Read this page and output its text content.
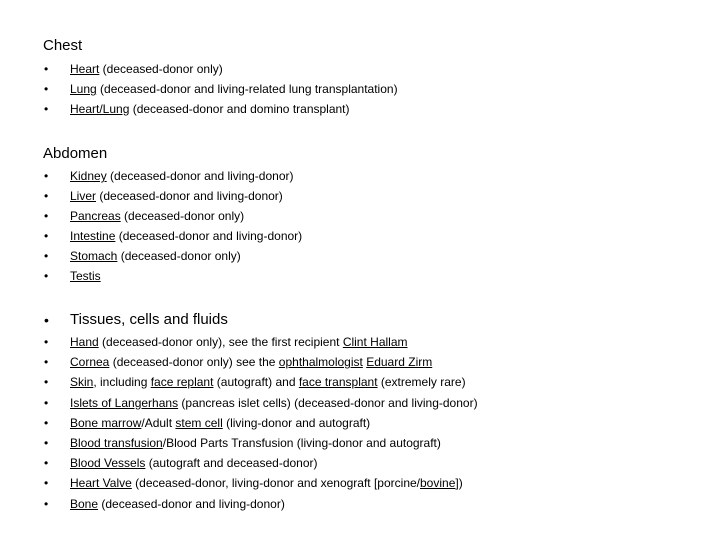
Chest
• Heart (deceased-donor only)
• Lung (deceased-donor and living-related lung transplantation)
• Heart/Lung (deceased-donor and domino transplant)
Abdomen
• Kidney (deceased-donor and living-donor)
• Liver (deceased-donor and living-donor)
• Pancreas (deceased-donor only)
• Intestine (deceased-donor and living-donor)
• Stomach (deceased-donor only)
• Testis
• Tissues, cells and fluids
• Hand (deceased-donor only), see the first recipient Clint Hallam
• Cornea (deceased-donor only) see the ophthalmologist Eduard Zirm
• Skin, including face replant (autograft) and face transplant (extremely rare)
• Islets of Langerhans (pancreas islet cells) (deceased-donor and living-donor)
• Bone marrow/Adult stem cell (living-donor and autograft)
• Blood transfusion/Blood Parts Transfusion (living-donor and autograft)
• Blood Vessels (autograft and deceased-donor)
• Heart Valve (deceased-donor, living-donor and xenograft [porcine/bovine])
• Bone (deceased-donor and living-donor)
